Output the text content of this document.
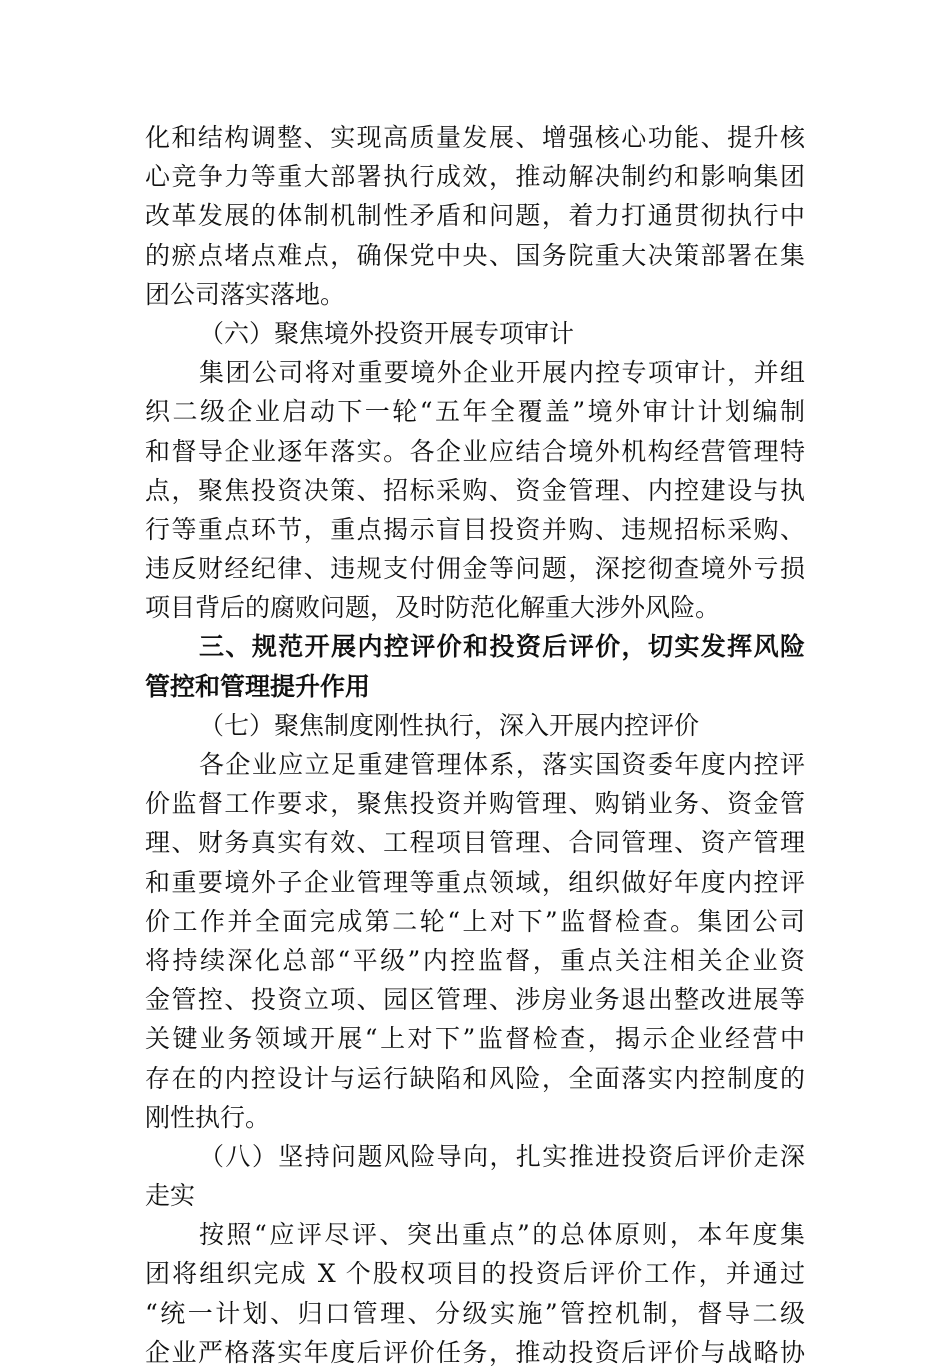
化和结构调整、实现高质量发展、增强核心功能、提升核
心竞争力等重大部署执行成效，推动解决制约和影响集团
改革发展的体制机制性矛盾和问题，着力打通贯彻执行中
的瘀点堵点难点，确保党中央、国务院重大决策部署在集
团公司落实落地。
（六）聚焦境外投资开展专项审计
集团公司将对重要境外企业开展内控专项审计，并组
织二级企业启动下一轮“五年全覆盖”境外审计计划编制
和督导企业逐年落实。各企业应结合境外机构经营管理特
点，聚焦投资决策、招标采购、资金管理、内控建设与执
行等重点环节，重点揭示盲目投资并购、违规招标采购、
违反财经纪律、违规支付佣金等问题，深挖彻查境外亏损
项目背后的腐败问题，及时防范化解重大涉外风险。
三、规范开展内控评价和投资后评价，切实发挥风险
管控和管理提升作用
（七）聚焦制度刚性执行，深入开展内控评价
各企业应立足重建管理体系，落实国资委年度内控评
价监督工作要求，聚焦投资并购管理、购销业务、资金管
理、财务真实有效、工程项目管理、合同管理、资产管理
和重要境外子企业管理等重点领域，组织做好年度内控评
价工作并全面完成第二轮“上对下”监督检查。集团公司
将持续深化总部“平级”内控监督，重点关注相关企业资
金管控、投资立项、园区管理、涉房业务退出整改进展等
关键业务领域开展“上对下”监督检查，揭示企业经营中
存在的内控设计与运行缺陷和风险，全面落实内控制度的
刚性执行。
（八）坚持问题风险导向，扎实推进投资后评价走深
走实
按照“应评尽评、突出重点”的总体原则，本年度集
团将组织完成 X 个股权项目的投资后评价工作，并通过
“统一计划、归口管理、分级实施”管控机制，督导二级
企业严格落实年度后评价任务，推动投资后评价与战略协
